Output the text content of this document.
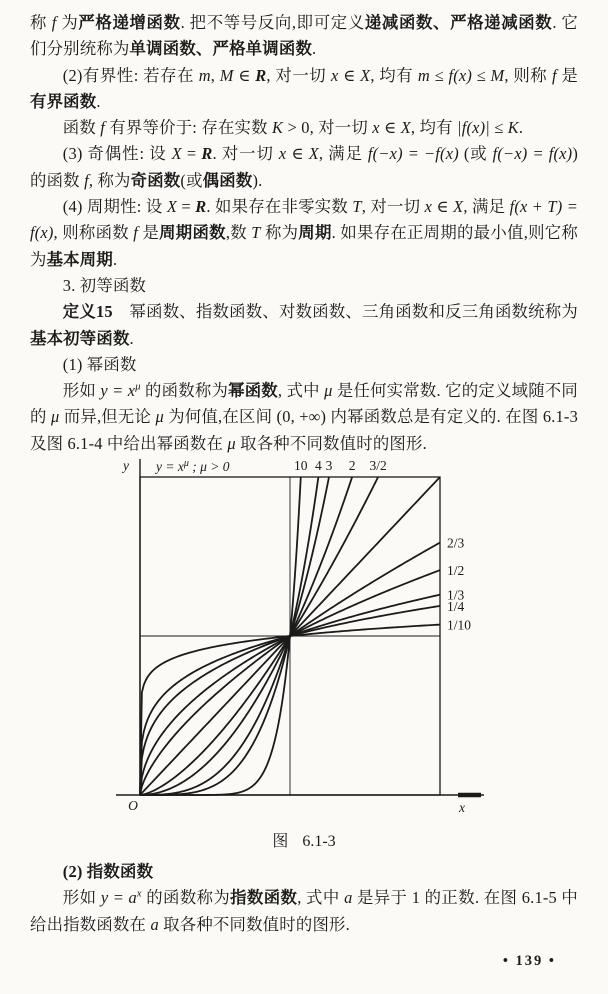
称 f 为严格递增函数. 把不等号反向,即可定义递减函数、严格递减函数. 它们分别统称为单调函数、严格单调函数.

(2)有界性: 若存在 m, M ∈ R, 对一切 x ∈ X, 均有 m ≤ f(x) ≤ M, 则称 f 是有界函数.

函数 f 有界等价于: 存在实数 K > 0, 对一切 x ∈ X, 均有 |f(x)| ≤ K.

(3) 奇偶性: 设 X = R. 对一切 x ∈ X, 满足 f(−x) = −f(x) (或 f(−x) = f(x)) 的函数 f, 称为奇函数(或偶函数).

(4) 周期性: 设 X = R. 如果存在非零实数 T, 对一切 x ∈ X, 满足 f(x + T) = f(x), 则称函数 f 是周期函数,数 T 称为周期. 如果存在正周期的最小值,则它称为基本周期.

3. 初等函数

定义15　幂函数、指数函数、对数函数、三角函数和反三角函数统称为基本初等函数.

(1) 幂函数

形如 $y = x^\mu$ 的函数称为幂函数, 式中 μ 是任何实常数. 它的定义域随不同的 μ 而异,但无论 μ 为何值,在区间 (0, +∞) 内幂函数总是有定义的. 在图 6.1-3 及图 6.1-4 中给出幂函数在 μ 取各种不同数值时的图形.

y
x
O
10 4 3 2 3/2
2/3
1/2
1/3
1/4
1/10
$y = x^\mu$ ; μ > 0
图 6.1-3

(2) 指数函数

形如 $y = a^x$ 的函数称为指数函数, 式中 a 是异于 1 的正数. 在图 6.1-5 中给出指数函数在 a 取各种不同数值时的图形.

• 139 •
